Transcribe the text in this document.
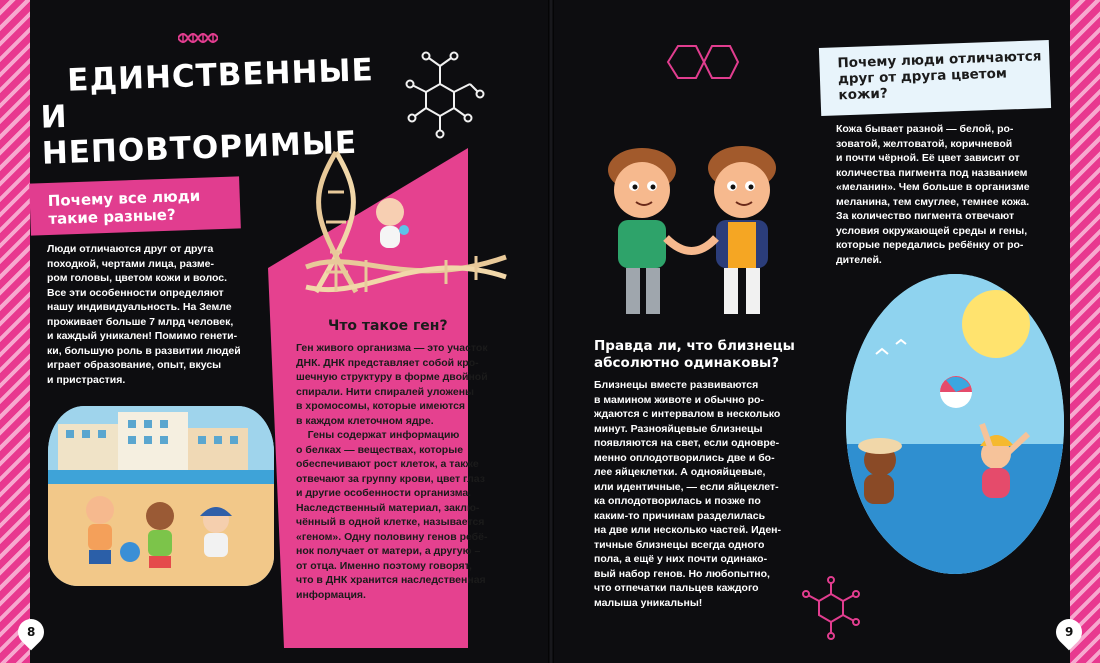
ЕДИНСТВЕННЫЕ
И НЕПОВТОРИМЫЕ
Почему все люди
такие разные?
Люди отличаются друг от друга
походкой, чертами лица, разме-
ром головы, цветом кожи и волос.
Все эти особенности определяют
нашу индивидуальность. На Земле
проживает больше 7 млрд человек,
и каждый уникален! Помимо генети-
ки, большую роль в развитии людей
играет образование, опыт, вкусы
и пристрастия.
Что такое ген?
Ген живого организма — это участок
ДНК. ДНК представляет собой кро-
шечную структуру в форме двойной
спирали. Нити спиралей уложены
в хромосомы, которые имеются
в каждом клеточном ядре.
Гены содержат информацию
о белках — веществах, которые
обеспечивают рост клеток, а также
отвечают за группу крови, цвет глаз
и другие особенности организма.
Наследственный материал, заклю-
чённый в одной клетке, называется
«геном». Одну половину генов ребё-
нок получает от матери, а другую –
от отца. Именно поэтому говорят,
что в ДНК хранится наследственная
информация.
8
Правда ли, что близнецы
абсолютно одинаковы?
Близнецы вместе развиваются
в мамином животе и обычно ро-
ждаются с интервалом в несколько
минут. Разнояйцевые близнецы
появляются на свет, если одновре-
менно оплодотворились две и бо-
лее яйцеклетки. А однояйцевые,
или идентичные, — если яйцеклет-
ка оплодотворилась и позже по
каким-то причинам разделилась
на две или несколько частей. Иден-
тичные близнецы всегда одного
пола, а ещё у них почти одинако-
вый набор генов. Но любопытно,
что отпечатки пальцев каждого
малыша уникальны!
Почему люди отличаются
друг от друга цветом
кожи?
Кожа бывает разной — белой, ро-
зоватой, желтоватой, коричневой
и почти чёрной. Её цвет зависит от
количества пигмента под названием
«меланин». Чем больше в организме
меланина, тем смуглее, темнее кожа.
За количество пигмента отвечают
условия окружающей среды и гены,
которые передались ребёнку от ро-
дителей.
9
